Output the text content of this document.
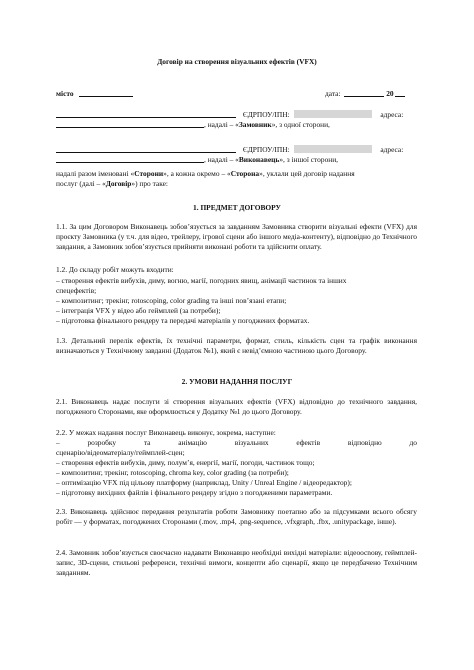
Договір на створення візуальних ефектів (VFX)
місто	дата:	20
ЄДРПОУ/ІПН:	адреса:
, надалі – «Замовник», з одної сторони,
ЄДРПОУ/ІПН:	адреса:
, надалі – «Виконавець», з іншої сторони,
надалі разом іменовані «Сторони», а кожна окремо – «Сторона», уклали цей договір надання
послуг (далі – «Договір») про таке:
1. ПРЕДМЕТ ДОГОВОРУ
1.1. За цим Договором Виконавець зобов’язується за завданням Замовника створити візуальні ефекти (VFX) для проєкту Замовника (у т.ч. для відео, трейлеру, ігрової сцени або іншого медіа-контенту), відповідно до Технічного завдання, а Замовник зобов’язується прийняти виконані роботи та здійснити оплату.
1.2. До складу робіт можуть входити:
– створення ефектів вибухів, диму, вогню, магії, погодних явищ, анімації частинок та інших
спецефектів;
– композитинг; трекінг, rotoscoping, color grading та інші пов’язані етапи;
– інтеграція VFX у відео або геймплей (за потреби);
– підготовка фінального рендеру та передачі матеріалів у погоджених форматах.
1.3. Детальний перелік ефектів, їх технічні параметри, формат, стиль, кількість сцен та графік виконання визначаються у Технічному завданні (Додаток №1), який є невід’ємною частиною цього Договору.
2. УМОВИ НАДАННЯ ПОСЛУГ
2.1. Виконавець надає послуги зі створення візуальних ефектів (VFX) відповідно до технічного завдання, погодженого Сторонами, яке оформлюється у Додатку №1 до цього Договору.
2.2. У межах надання послуг Виконавець виконує, зокрема, наступне:
–	розробку	та	анімацію	візуальних	ефектів	відповідно	до
сценарію/відеоматеріалу/геймплей-сцен;
– створення ефектів вибухів, диму, полум’я, енергії, магії, погоди, частинок тощо;
– композитинг, трекінг, rotoscoping, chroma key, color grading (за потреби);
– оптимізацію VFX під цільову платформу (наприклад, Unity / Unreal Engine / відеоредактор);
– підготовку вихідних файлів і фінального рендеру згідно з погодженими параметрами.
2.3. Виконавець здійснює передання результатів роботи Замовнику поетапно або за підсумками всього обсягу робіт — у форматах, погоджених Сторонами (.mov, .mp4, .png-sequence, .vfxgraph, .fbx, .unitypackage, інше).
2.4. Замовник зобов’язується своєчасно надавати Виконавцю необхідні вихідні матеріали: відеоосnову, геймплей-запис, 3D-сцени, стильові референси, технічні вимоги, концепти або сценарії, якщо це передбачено Технічним завданням.
